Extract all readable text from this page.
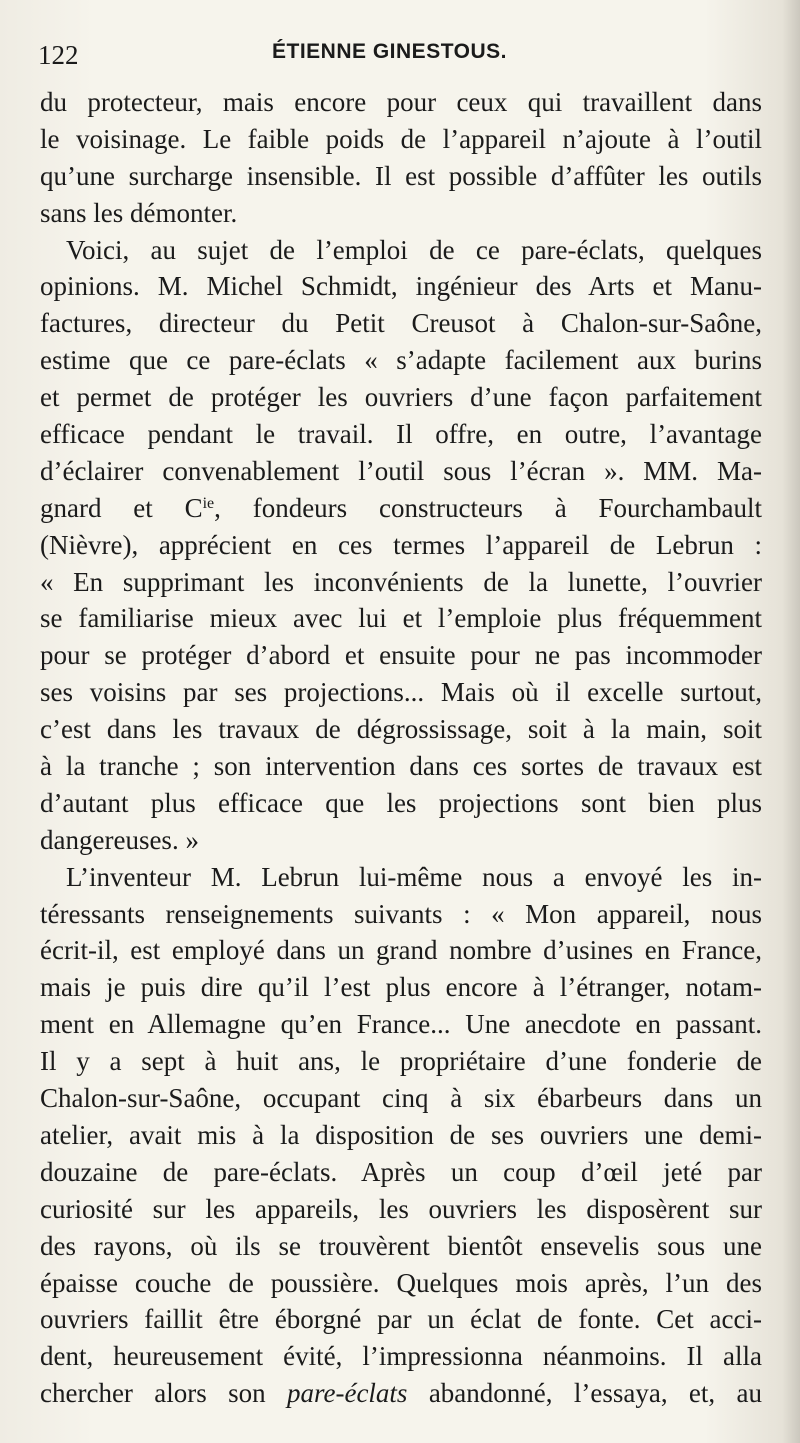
122	ÉTIENNE GINESTOUS.
du protecteur, mais encore pour ceux qui travaillent dans
le voisinage. Le faible poids de l’appareil n’ajoute à l’outil
qu’une surcharge insensible. Il est possible d’affûter les outils
sans les démonter.
Voici, au sujet de l’emploi de ce pare-éclats, quelques
opinions. M. Michel Schmidt, ingénieur des Arts et Manu-
factures, directeur du Petit Creusot à Chalon-sur-Saône,
estime que ce pare-éclats « s’adapte facilement aux burins
et permet de protéger les ouvriers d’une façon parfaitement
efficace pendant le travail. Il offre, en outre, l’avantage
d’éclairer convenablement l’outil sous l’écran ». MM. Ma-
gnard et $C^{ie}$, fondeurs constructeurs à Fourchambault
(Nièvre), apprécient en ces termes l’appareil de Lebrun :
« En supprimant les inconvénients de la lunette, l’ouvrier
se familiarise mieux avec lui et l’emploie plus fréquemment
pour se protéger d’abord et ensuite pour ne pas incommoder
ses voisins par ses projections... Mais où il excelle surtout,
c’est dans les travaux de dégrossissage, soit à la main, soit
à la tranche ; son intervention dans ces sortes de travaux est
d’autant plus efficace que les projections sont bien plus
dangereuses. »
L’inventeur M. Lebrun lui-même nous a envoyé les in-
téressants renseignements suivants : « Mon appareil, nous
écrit-il, est employé dans un grand nombre d’usines en France,
mais je puis dire qu’il l’est plus encore à l’étranger, notam-
ment en Allemagne qu’en France... Une anecdote en passant.
Il y a sept à huit ans, le propriétaire d’une fonderie de
Chalon-sur-Saône, occupant cinq à six ébarbeurs dans un
atelier, avait mis à la disposition de ses ouvriers une demi-
douzaine de pare-éclats. Après un coup d’œil jeté par
curiosité sur les appareils, les ouvriers les disposèrent sur
des rayons, où ils se trouvèrent bientôt ensevelis sous une
épaisse couche de poussière. Quelques mois après, l’un des
ouvriers faillit être éborgné par un éclat de fonte. Cet acci-
dent, heureusement évité, l’impressionna néanmoins. Il alla
chercher alors son pare-éclats abandonné, l’essaya, et, au
